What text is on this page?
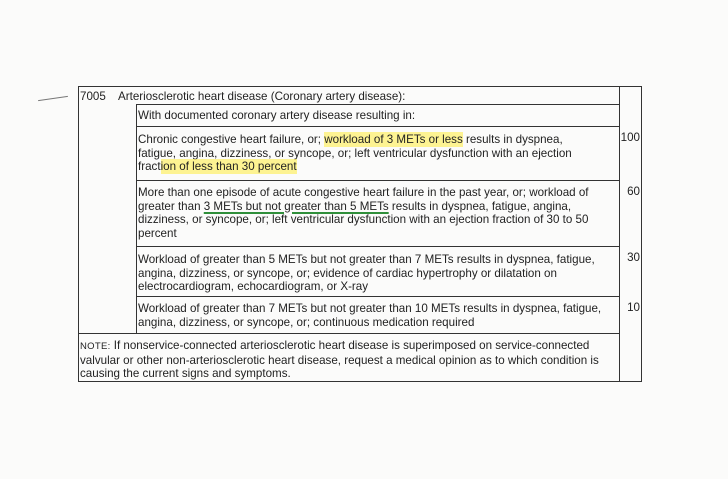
7005 Arteriosclerotic heart disease (Coronary artery disease):
With documented coronary artery disease resulting in:
Chronic congestive heart failure, or; workload of 3 METs or less results in dyspnea,
fatigue, angina, dizziness, or syncope, or; left ventricular dysfunction with an ejection
fraction of less than 30 percent
100
More than one episode of acute congestive heart failure in the past year, or; workload of
greater than 3 METs but not greater than 5 METs results in dyspnea, fatigue, angina,
dizziness, or syncope, or; left ventricular dysfunction with an ejection fraction of 30 to 50
percent
60
Workload of greater than 5 METs but not greater than 7 METs results in dyspnea, fatigue,
angina, dizziness, or syncope, or; evidence of cardiac hypertrophy or dilatation on
electrocardiogram, echocardiogram, or X-ray
30
Workload of greater than 7 METs but not greater than 10 METs results in dyspnea, fatigue,
angina, dizziness, or syncope, or; continuous medication required
10
NOTE: If nonservice-connected arteriosclerotic heart disease is superimposed on service-connected
valvular or other non-arteriosclerotic heart disease, request a medical opinion as to which condition is
causing the current signs and symptoms.
